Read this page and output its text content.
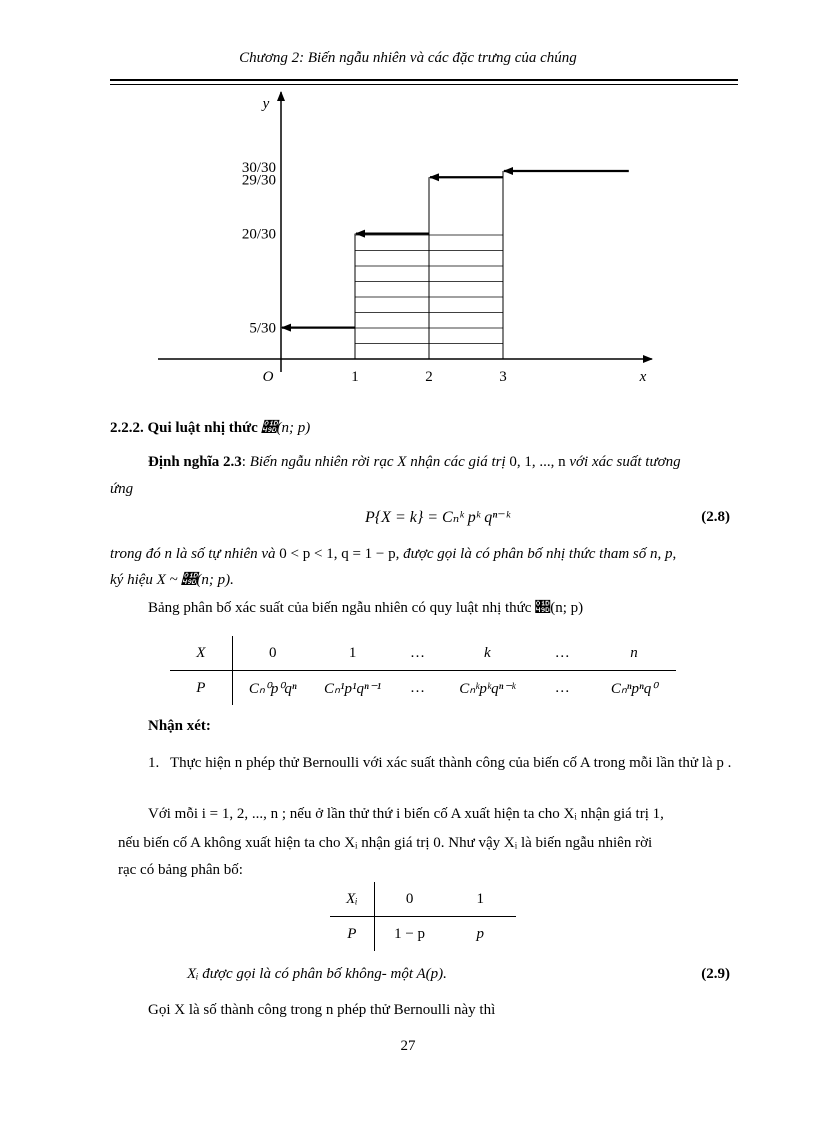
Chương 2: Biến ngẫu nhiên và các đặc trưng của chúng
y
x
O	1	2	3
5/30
20/30
29/30
30/30
2.2.2. Qui luật nhị thức 𝒝(n; p)
Định nghĩa 2.3: Biến ngẫu nhiên rời rạc X nhận các giá trị 0, 1, ..., n với xác suất tương
ứng
P{X = k} = Cₙᵏ pᵏ qⁿ⁻ᵏ	(2.8)
trong đó n là số tự nhiên và 0 < p < 1, q = 1 − p, được gọi là có phân bố nhị thức tham số n, p,
ký hiệu X ~ 𝒝(n; p).
Bảng phân bố xác suất của biến ngẫu nhiên có quy luật nhị thức 𝒝(n; p)
X	0	1	…	k	…	n
P	Cₙ⁰p⁰qⁿ	Cₙ¹p¹qⁿ⁻¹	…	Cₙᵏpᵏqⁿ⁻ᵏ	…	Cₙⁿpⁿq⁰
Nhận xét:
1. Thực hiện n phép thử Bernoulli với xác suất thành công của biến cố A trong mỗi lần thử là p .
Với mỗi i = 1, 2, ..., n ; nếu ở lần thử thứ i biến cố A xuất hiện ta cho Xᵢ nhận giá trị 1,
nếu biến cố A không xuất hiện ta cho Xᵢ nhận giá trị 0. Như vậy Xᵢ là biến ngẫu nhiên rời
rạc có bảng phân bố:
Xᵢ	0	1
P	1 − p	p
Xᵢ được gọi là có phân bố không- một A(p).	(2.9)
Gọi X là số thành công trong n phép thử Bernoulli này thì
27
